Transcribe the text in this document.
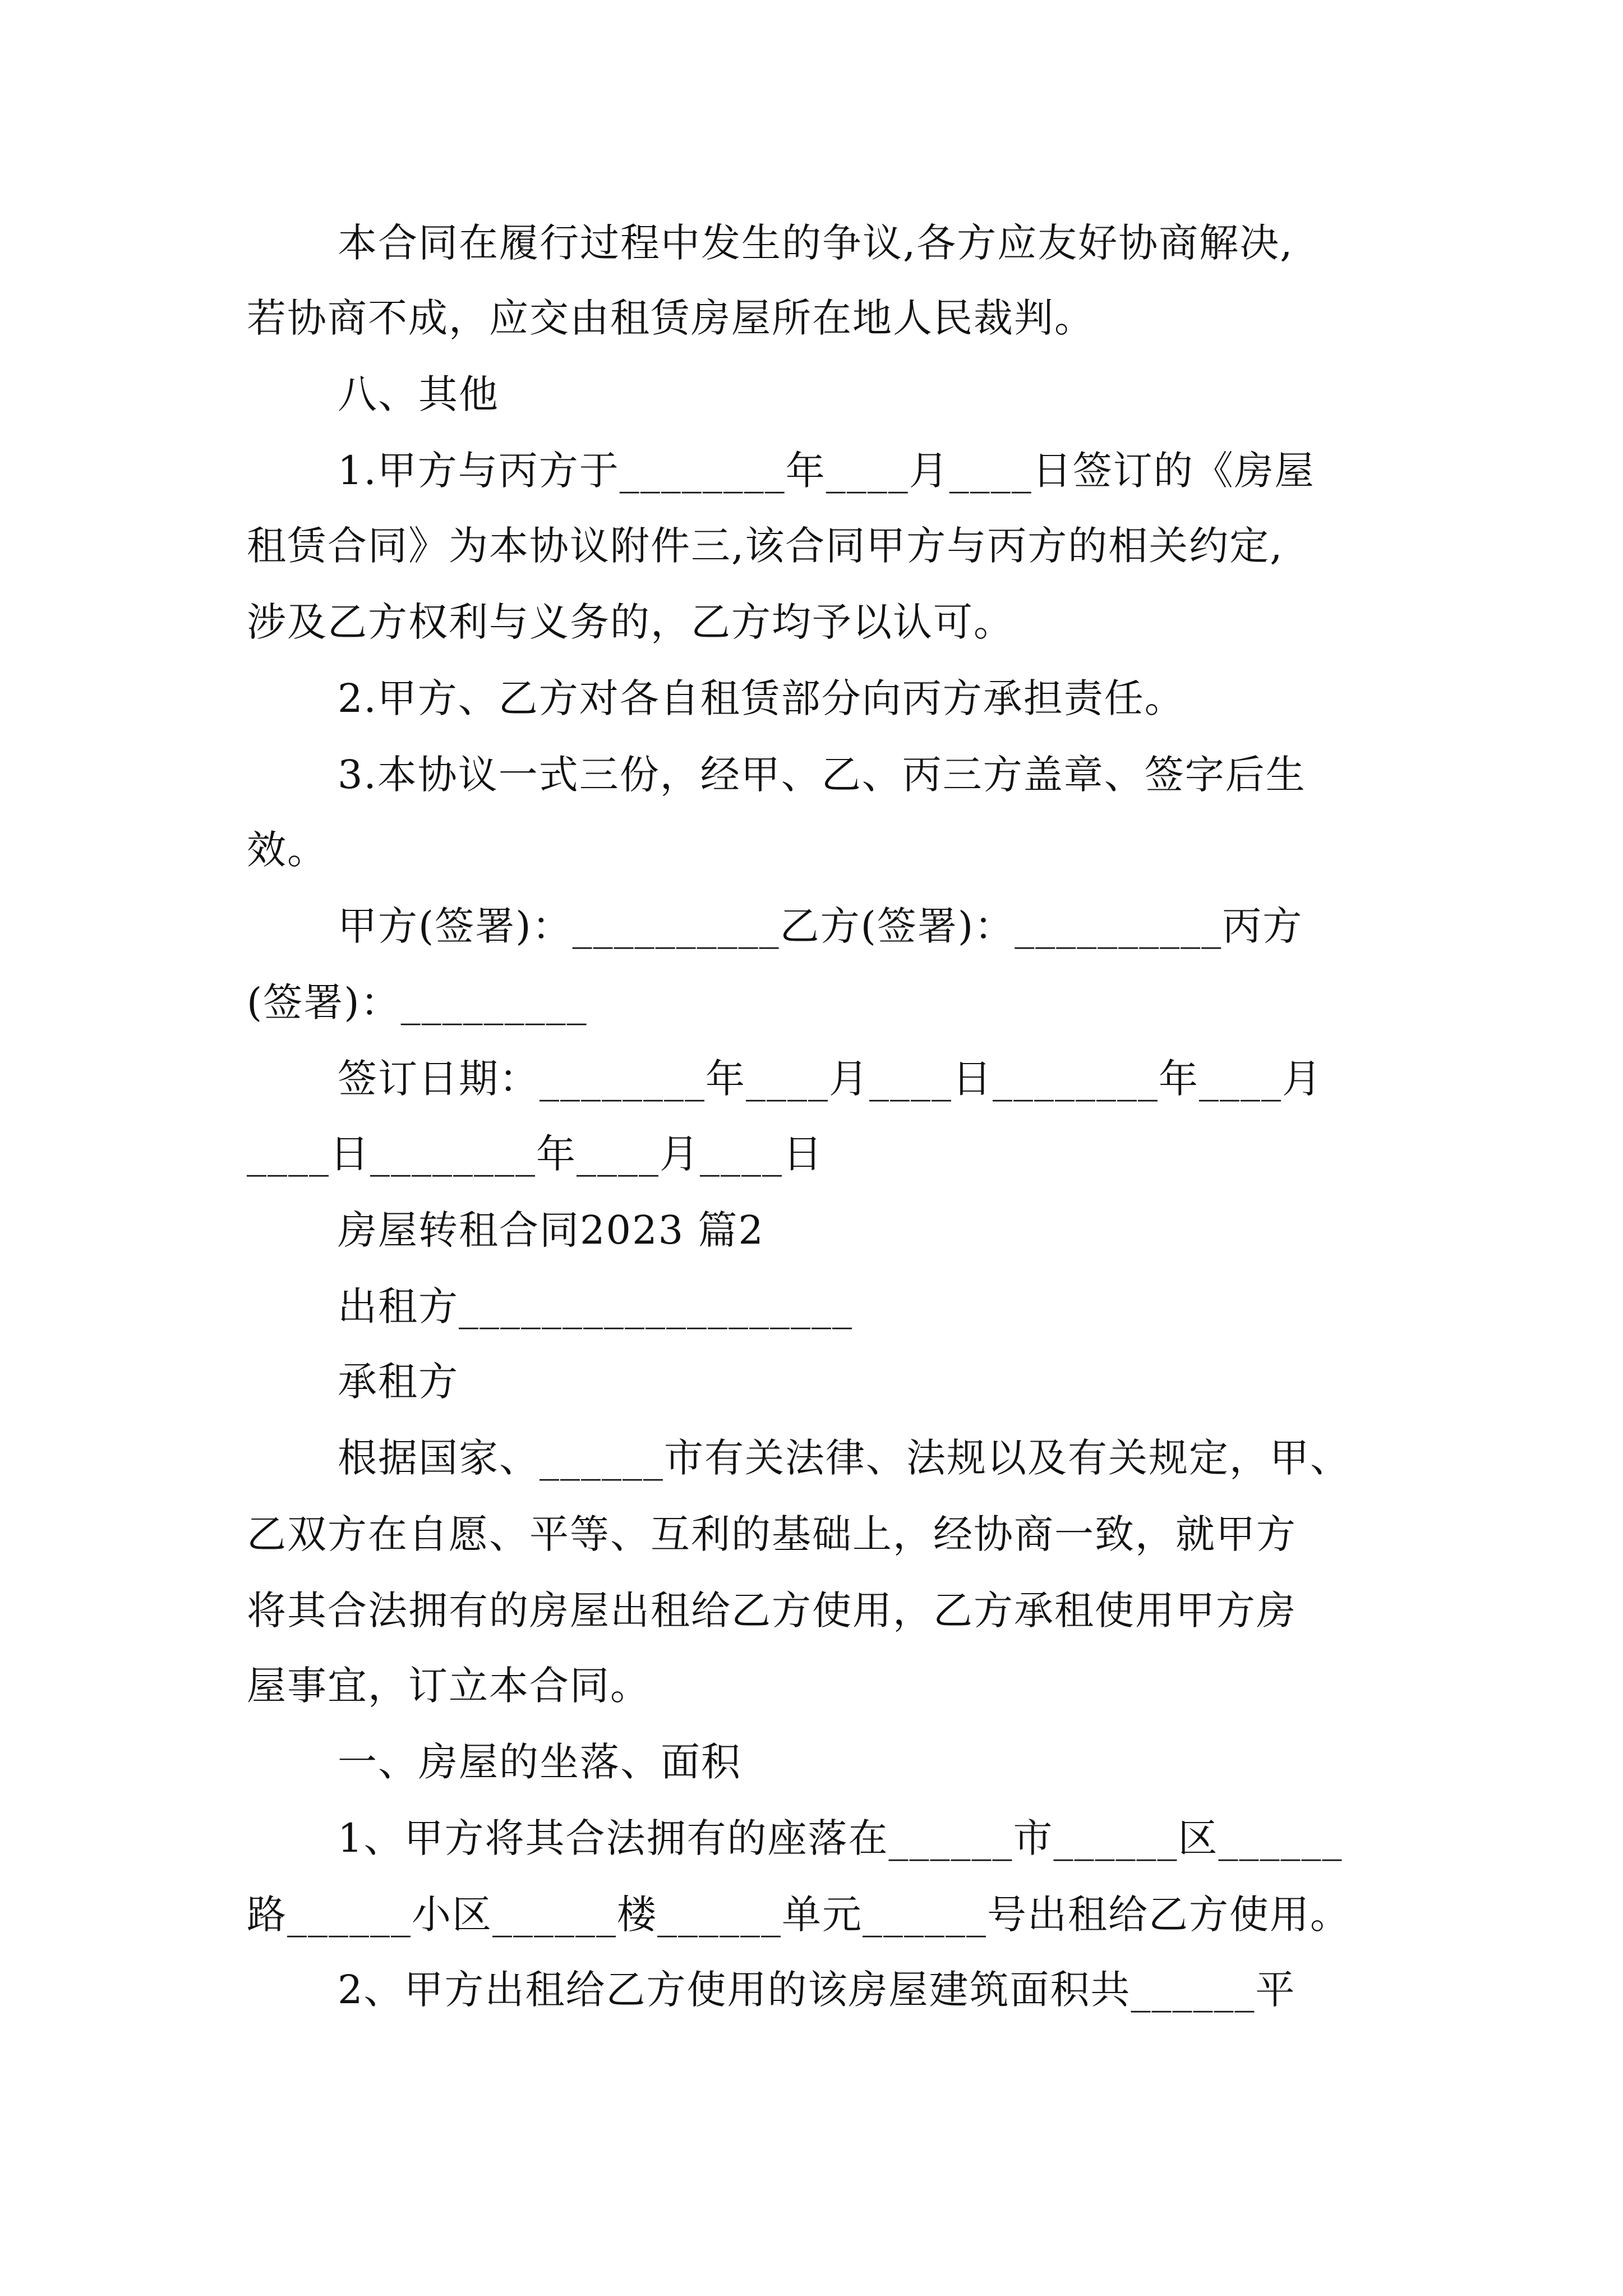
本合同在履行过程中发生的争议,各方应友好协商解决,
若协商不成，应交由租赁房屋所在地人民裁判。
八、其他
1.甲方与丙方于________年____月____日签订的《房屋
租赁合同》为本协议附件三,该合同甲方与丙方的相关约定,
涉及乙方权利与义务的，乙方均予以认可。
2.甲方、乙方对各自租赁部分向丙方承担责任。
3.本协议一式三份，经甲、乙、丙三方盖章、签字后生
效。
甲方(签署)：__________乙方(签署)：__________丙方
(签署)：_________
签订日期：________年____月____日________年____月
____日________年____月____日
房屋转租合同2023 篇2
出租方___________________
承租方
根据国家、______市有关法律、法规以及有关规定，甲、
乙双方在自愿、平等、互利的基础上，经协商一致，就甲方
将其合法拥有的房屋出租给乙方使用，乙方承租使用甲方房
屋事宜，订立本合同。
一、房屋的坐落、面积
1、甲方将其合法拥有的座落在______市______区______
路______小区______楼______单元______号出租给乙方使用。
2、甲方出租给乙方使用的该房屋建筑面积共______平
